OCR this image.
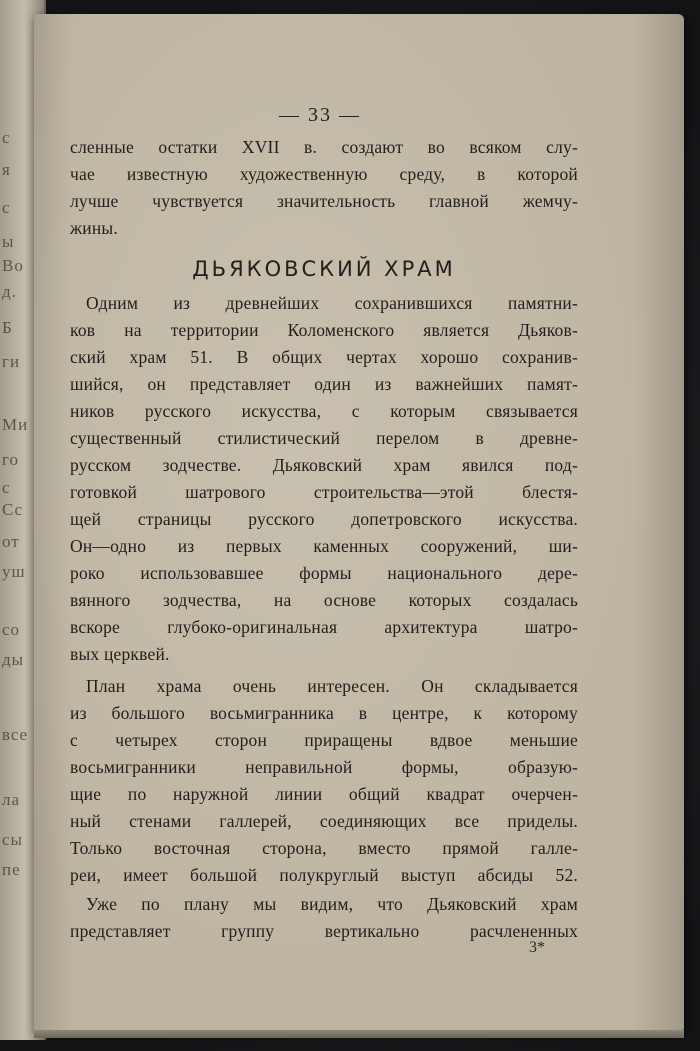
с
я
с
ы
Во
д.
Б
ги
Ми
го
с
Сс
от
уш
со
ды
всe
ла
сы
пе
— 33 —
сленные остатки XVII в. создают во всяком слу-
чае известную художественную среду, в которой
лучше чувствуется значительность главной жемчу-
жины.
ДЬЯКОВСКИЙ ХРАМ
Одним из древнейших сохранившихся памятни-
ков на территории Коломенского является Дьяков-
ский храм 51. В общих чертах хорошо сохранив-
шийся, он представляет один из важнейших памят-
ников русского искусства, с которым связывается
существенный стилистический перелом в древне-
русском зодчестве. Дьяковский храм явился под-
готовкой шатрового строительства—этой блестя-
щей страницы русского допетровского искусства.
Он—одно из первых каменных сооружений, ши-
роко использовавшее формы национального дере-
вянного зодчества, на основе которых создалась
вскоре глубоко-оригинальная архитектура шатро-
вых церквей.
План храма очень интересен. Он складывается
из большого восьмигранника в центре, к которому
с четырех сторон приращены вдвое меньшие
восьмигранники неправильной формы, образую-
щие по наружной линии общий квадрат очерчен-
ный стенами галлерей, соединяющих все приделы.
Только восточная сторона, вместо прямой галле-
реи, имеет большой полукруглый выступ абсиды 52.
Уже по плану мы видим, что Дьяковский храм
представляет группу вертикально расчлененных
3*
